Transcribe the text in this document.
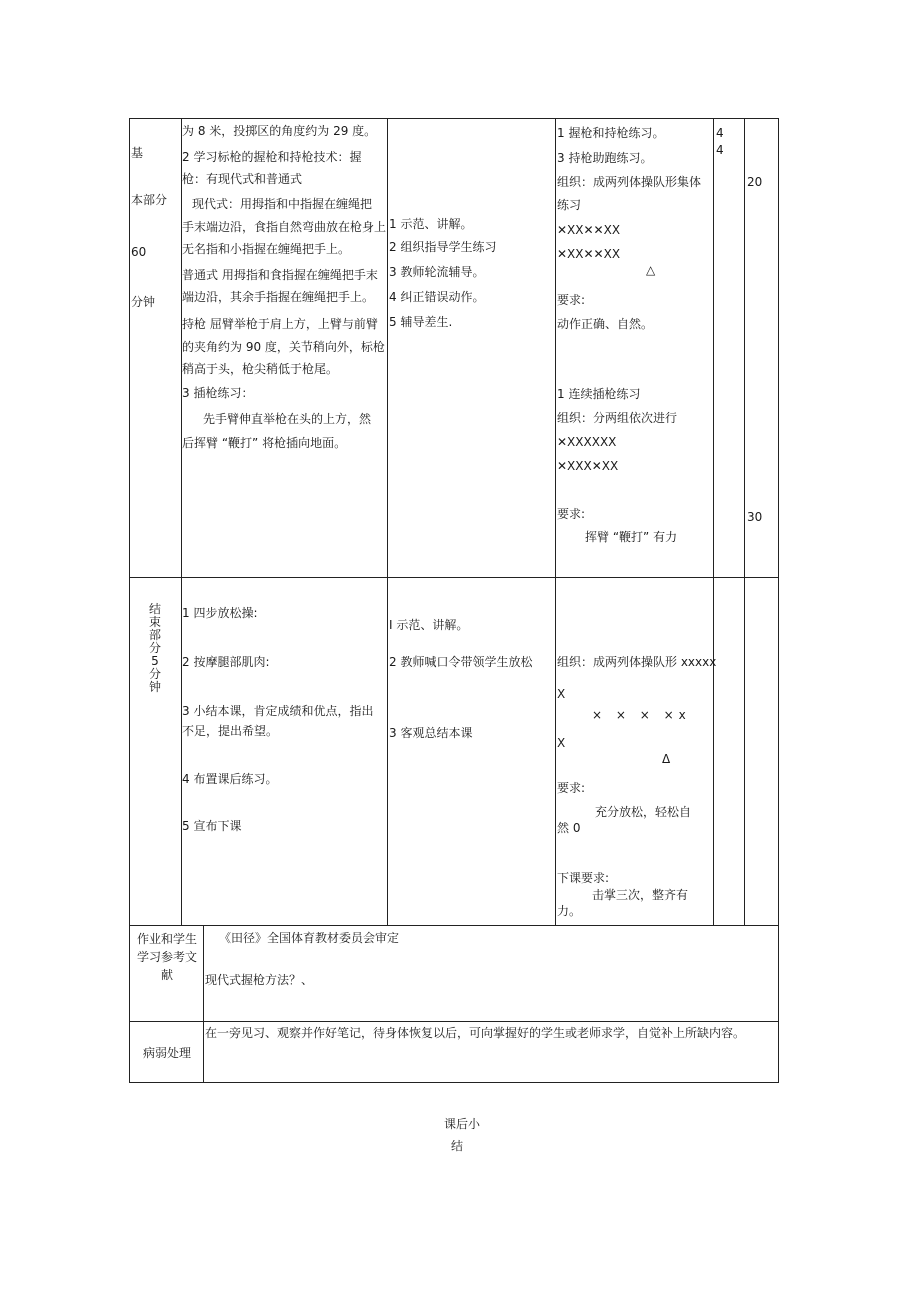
基
本部分
60
分钟
为 8 米，投掷区的角度约为 29 度。
2 学习标枪的握枪和持枪技术：握
枪：有现代式和普通式
现代式：用拇指和中指握在缠绳把
手末端边沿，食指自然弯曲放在枪身上
无名指和小指握在缠绳把手上。
普通式 用拇指和食指握在缠绳把手末
端边沿，其余手指握在缠绳把手上。
持枪 屈臂举枪于肩上方，上臂与前臂
的夹角约为 90 度，关节稍向外，标枪
稍高于头，枪尖稍低于枪尾。
3 插枪练习：
先手臂伸直举枪在头的上方，然
后挥臂 “鞭打” 将枪插向地面。
1 示范、讲解。
2 组织指导学生练习
3 教师轮流辅导。
4 纠正错误动作。
5 辅导差生.
1 握枪和持枪练习。
3 持枪助跑练习。
组织：成两列体操队形集体
练习
✕XX✕✕XX
✕XX✕✕XX
△
要求:
动作正确、自然。
1 连续插枪练习
组织：分两组依次进行
✕XXXXXX
✕XXX✕XX
要求:
挥臂 “鞭打” 有力
4
4
20
30
结束部分5分钟
1 四步放松操:
2 按摩腿部肌肉:
3 小结本课，肯定成绩和优点，指出
不足，提出希望。
4 布置课后练习。
5 宣布下课
I 示范、讲解。
2 教师喊口令带领学生放松
3 客观总结本课
组织：成两列体操队形 xxxxx
X
× × × ×x
X
Δ
要求:
充分放松，轻松自
然 0
下课要求:
击掌三次，整齐有
力。
作业和学生
学习参考文
献
《田径》全国体育教材委员会审定
现代式握枪方法？、
病弱处理
在一旁见习、观察并作好笔记，待身体恢复以后，可向掌握好的学生或老师求学，自觉补上所缺内容。
课后小
结
